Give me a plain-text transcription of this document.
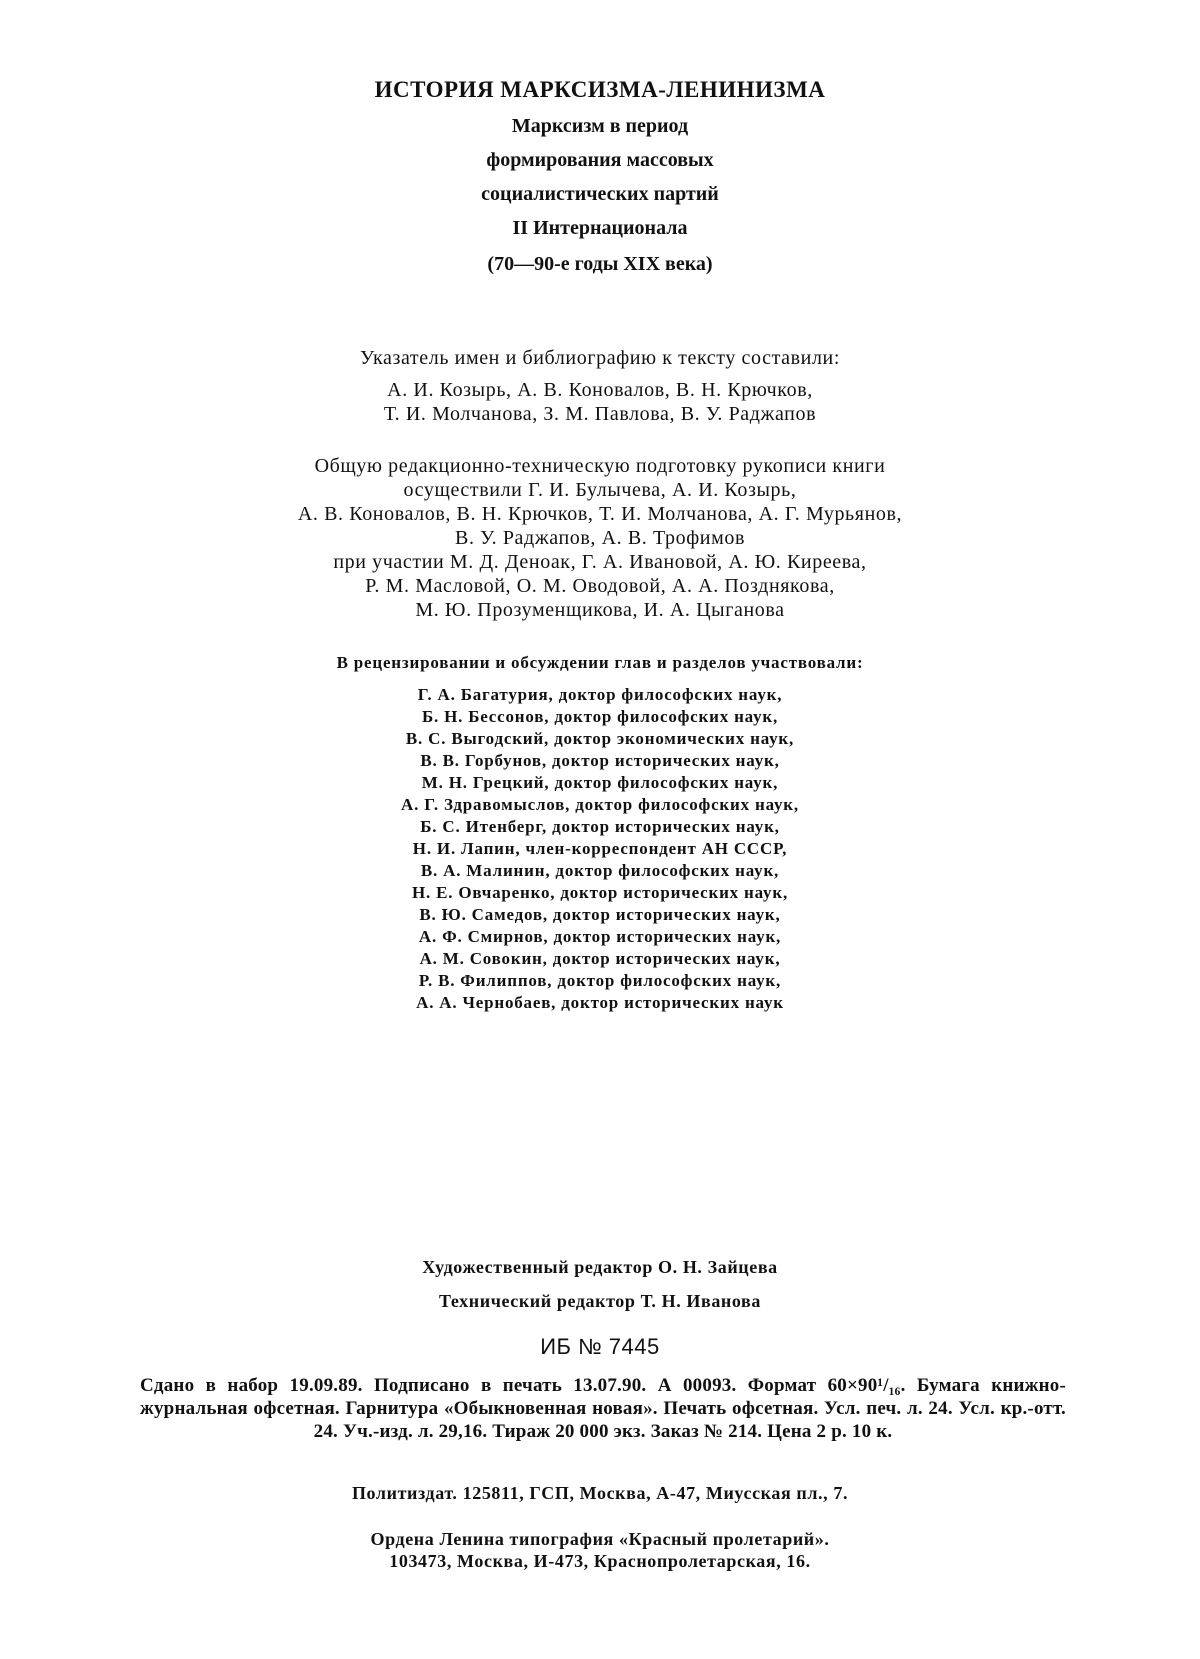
ИСТОРИЯ МАРКСИЗМА-ЛЕНИНИЗМА
Марксизм в период
формирования массовых
социалистических партий
II Интернационала
(70—90-е годы XIX века)
Указатель имен и библиографию к тексту составили:
А. И. Козырь, А. В. Коновалов, В. Н. Крючков,
Т. И. Молчанова, З. М. Павлова, В. У. Раджапов
Общую редакционно-техническую подготовку рукописи книги
осуществили Г. И. Булычева, А. И. Козырь,
А. В. Коновалов, В. Н. Крючков, Т. И. Молчанова, А. Г. Мурьянов,
В. У. Раджапов, А. В. Трофимов
при участии М. Д. Деноак, Г. А. Ивановой, А. Ю. Киреева,
Р. М. Масловой, О. М. Оводовой, А. А. Позднякова,
М. Ю. Прозуменщикова, И. А. Цыганова
В рецензировании и обсуждении глав и разделов участвовали:
Г. А. Багатурия, доктор философских наук,
Б. Н. Бессонов, доктор философских наук,
В. С. Выгодский, доктор экономических наук,
В. В. Горбунов, доктор исторических наук,
М. Н. Грецкий, доктор философских наук,
А. Г. Здравомыслов, доктор философских наук,
Б. С. Итенберг, доктор исторических наук,
Н. И. Лапин, член-корреспондент АН СССР,
В. А. Малинин, доктор философских наук,
Н. Е. Овчаренко, доктор исторических наук,
В. Ю. Самедов, доктор исторических наук,
А. Ф. Смирнов, доктор исторических наук,
А. М. Совокин, доктор исторических наук,
Р. В. Филиппов, доктор философских наук,
А. А. Чернобаев, доктор исторических наук
Художественный редактор О. Н. Зайцева
Технический редактор Т. Н. Иванова
ИБ № 7445
Сдано в набор 19.09.89. Подписано в печать 13.07.90. А 00093. Формат 60×90¹/₁₆. Бумага книжно-журнальная офсетная. Гарнитура «Обыкновенная новая». Печать офсетная. Усл. печ. л. 24. Усл. кр.-отт. 24. Уч.-изд. л. 29,16. Тираж 20 000 экз. Заказ № 214. Цена 2 р. 10 к.
Политиздат. 125811, ГСП, Москва, А-47, Миусская пл., 7.
Ордена Ленина типография «Красный пролетарий».
103473, Москва, И-473, Краснопролетарская, 16.
